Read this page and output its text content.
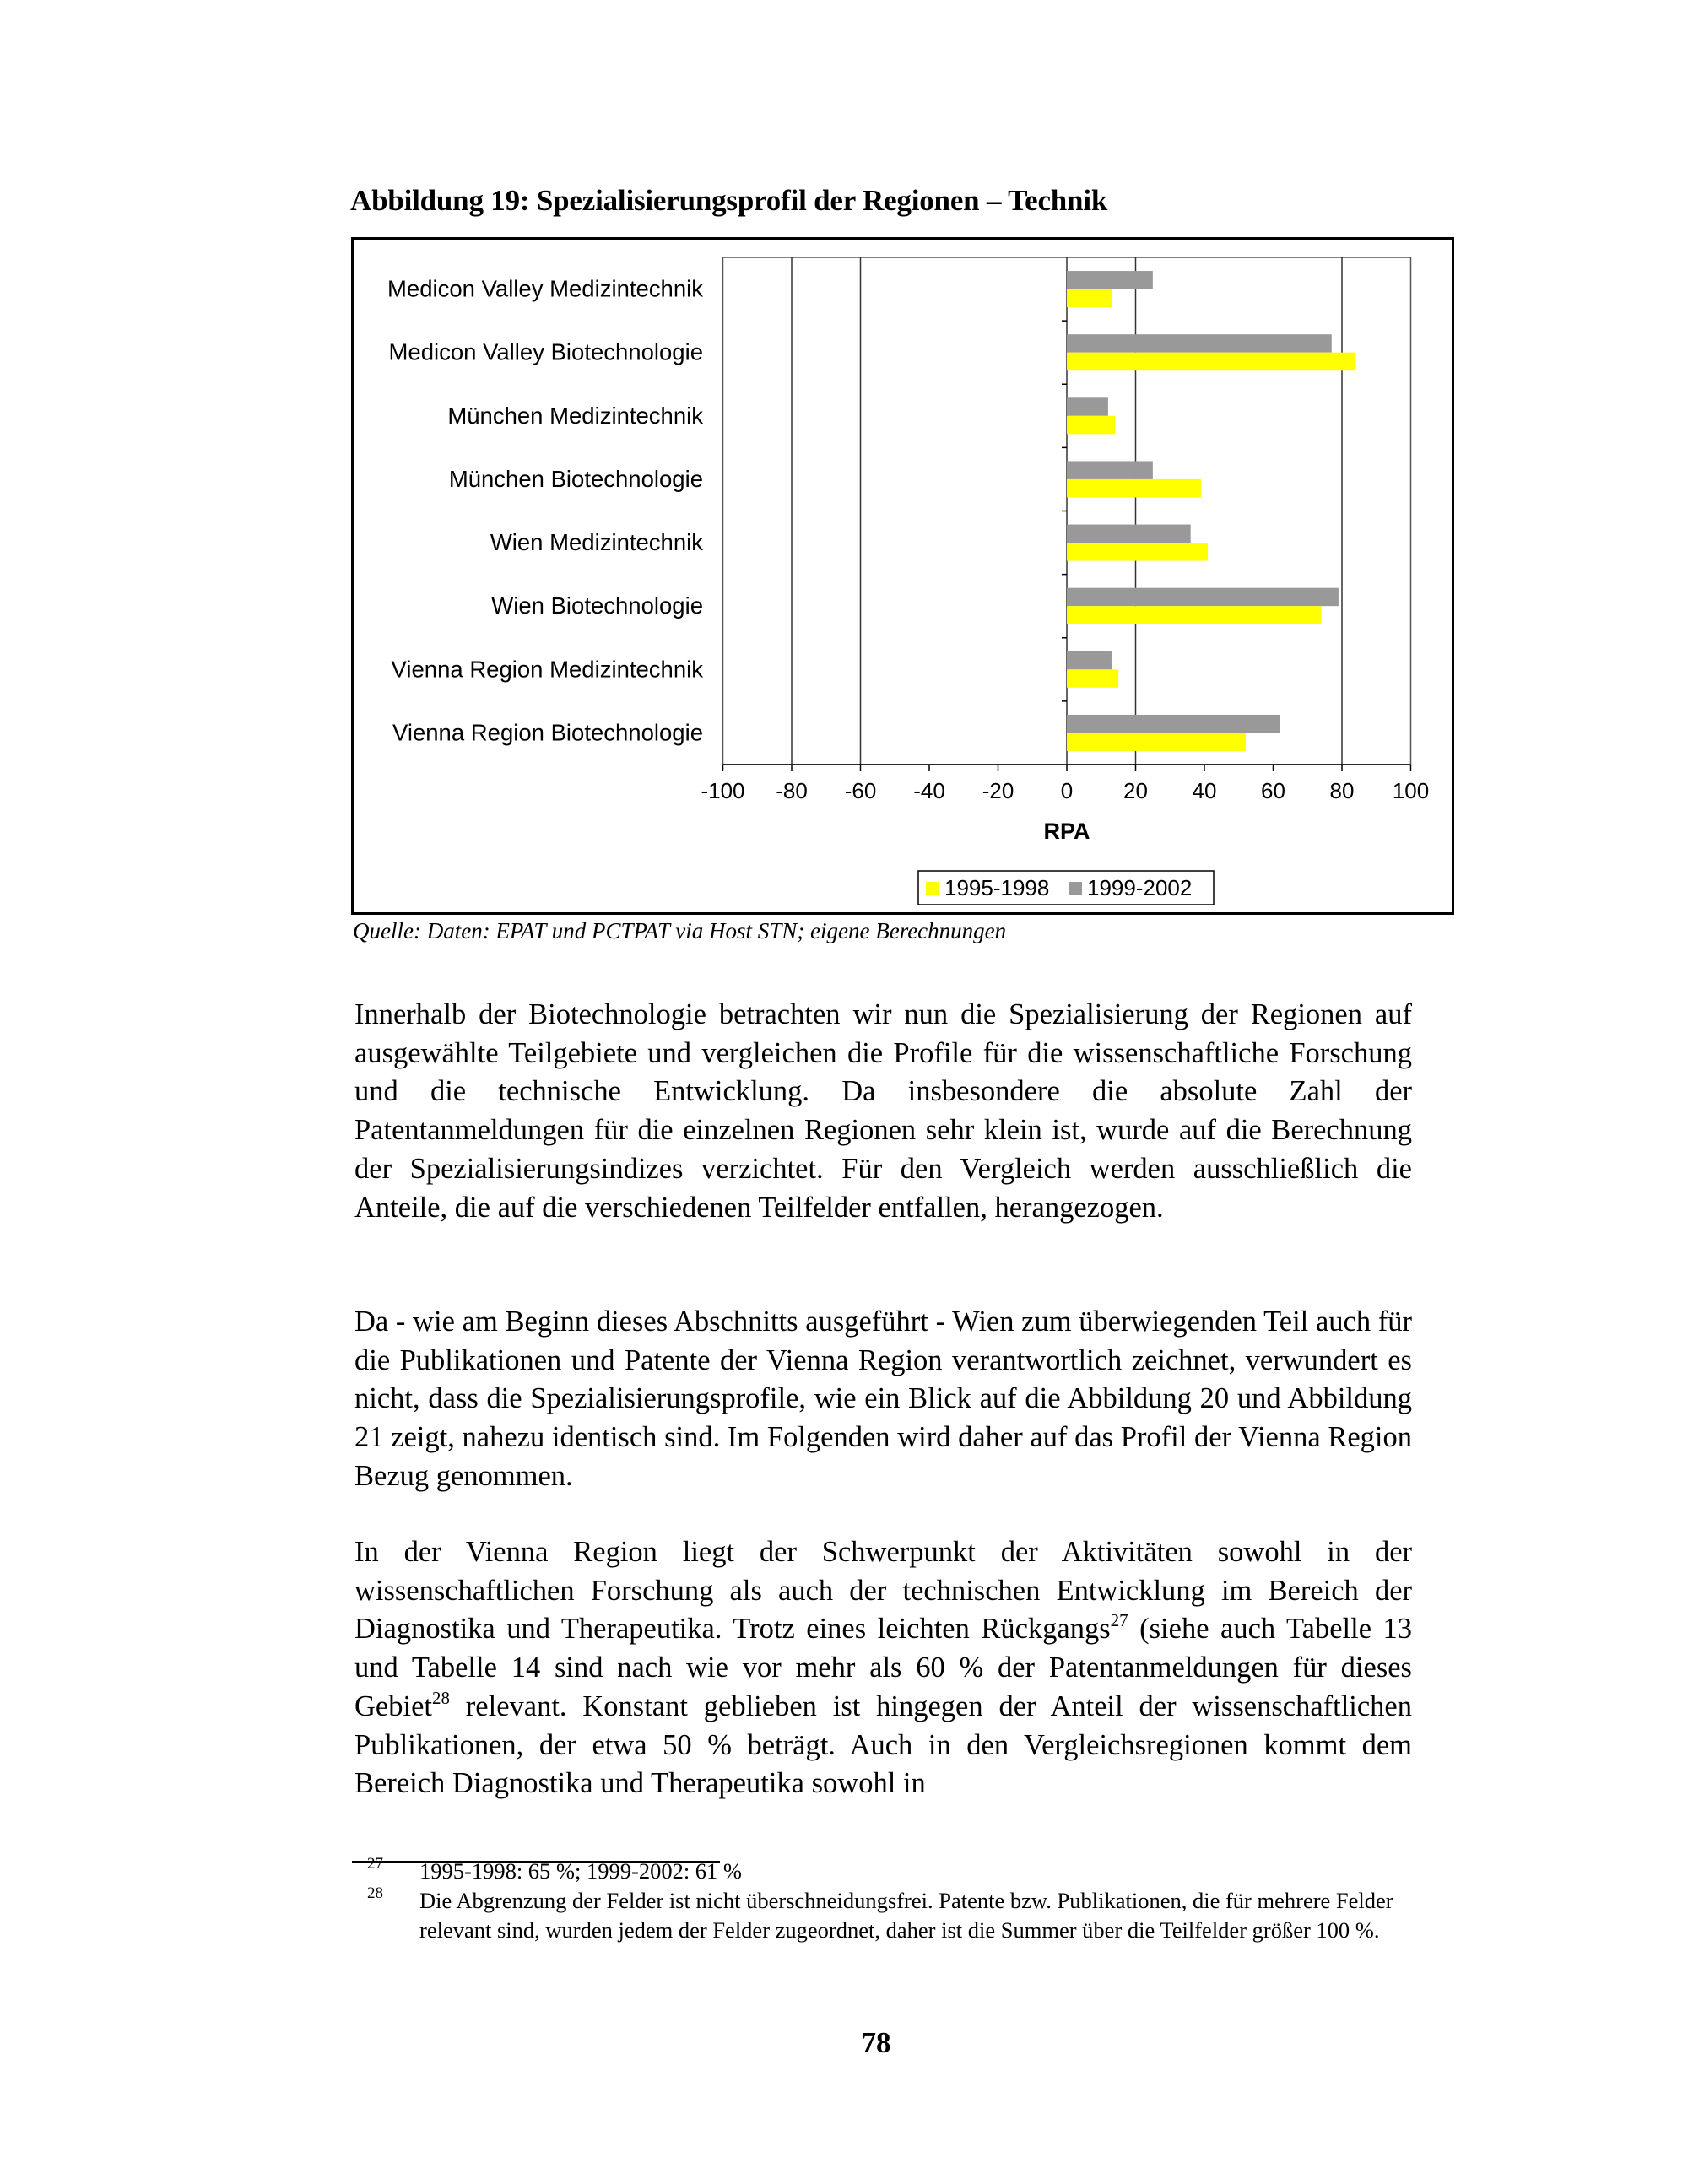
Abbildung 19: Spezialisierungsprofil der Regionen – Technik
-100 -80 -60 -40 -20 0 20 40 60 80 100
RPA
Medicon Valley Medizintechnik
Medicon Valley Biotechnologie
München Medizintechnik
München Biotechnologie
Wien Medizintechnik
Wien Biotechnologie
Vienna Region Medizintechnik
Vienna Region Biotechnologie
1995-1998 1999-2002
Quelle: Daten: EPAT und PCTPAT via Host STN; eigene Berechnungen

Innerhalb der Biotechnologie betrachten wir nun die Spezialisierung der Regionen auf ausgewählte Teilgebiete und vergleichen die Profile für die wissenschaftliche Forschung und die technische Entwicklung. Da insbesondere die absolute Zahl der Patentanmeldungen für die einzelnen Regionen sehr klein ist, wurde auf die Berechnung der Spezialisierungsindizes verzichtet. Für den Vergleich werden ausschließlich die Anteile, die auf die verschiedenen Teilfelder entfallen, herangezogen.

Da - wie am Beginn dieses Abschnitts ausgeführt - Wien zum überwiegenden Teil auch für die Publikationen und Patente der Vienna Region verantwortlich zeichnet, verwundert es nicht, dass die Spezialisierungsprofile, wie ein Blick auf die Abbildung 20 und Abbildung 21 zeigt, nahezu identisch sind. Im Folgenden wird daher auf das Profil der Vienna Region Bezug genommen.

In der Vienna Region liegt der Schwerpunkt der Aktivitäten sowohl in der wissenschaftlichen Forschung als auch der technischen Entwicklung im Bereich der Diagnostika und Therapeutika. Trotz eines leichten Rückgangs$^{27}$ (siehe auch Tabelle 13 und Tabelle 14 sind nach wie vor mehr als 60 % der Patentanmeldungen für dieses Gebiet$^{28}$ relevant. Konstant geblieben ist hingegen der Anteil der wissenschaftlichen Publikationen, der etwa 50 % beträgt. Auch in den Vergleichsregionen kommt dem Bereich Diagnostika und Therapeutika sowohl in

27 1995-1998: 65 %; 1999-2002: 61 %
28 Die Abgrenzung der Felder ist nicht überschneidungsfrei. Patente bzw. Publikationen, die für mehrere Felder relevant sind, wurden jedem der Felder zugeordnet, daher ist die Summer über die Teilfelder größer 100 %.
78
